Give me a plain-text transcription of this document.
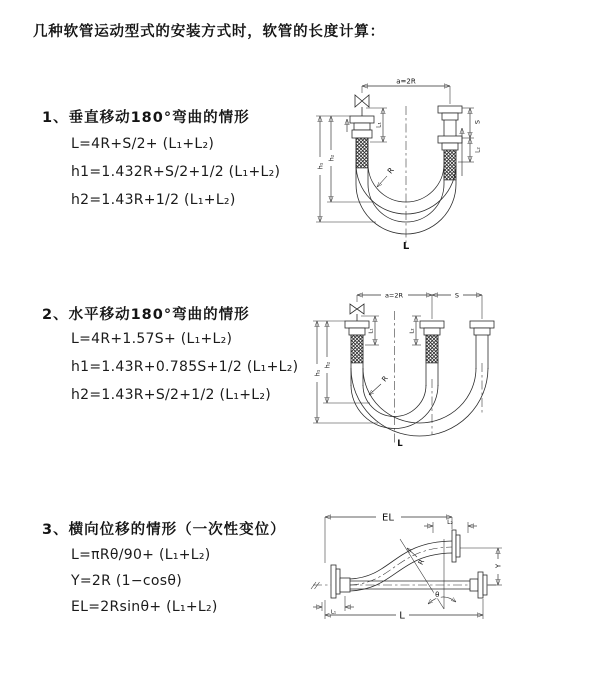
几种软管运动型式的安装方式时，软管的长度计算：
1、垂直移动180°弯曲的情形
L=4R+S/2+ (L₁+L₂)
h1=1.432R+S/2+1/2 (L₁+L₂)
h2=1.43R+1/2 (L₁+L₂)
2、水平移动180°弯曲的情形
L=4R+1.57S+ (L₁+L₂)
h1=1.43R+0.785S+1/2 (L₁+L₂)
h2=1.43R+S/2+1/2 (L₁+L₂)
3、横向位移的情形（一次性变位）
L=πRθ/90+ (L₁+L₂)
Y=2R (1−cosθ)
EL=2Rsinθ+ (L₁+L₂)
a=2R
h₁
h₂
L₁
S
L₂
R
L
a=2R	S
h₁
h₂
L₁	L₂
R
L
EL	L₂
Y
θ
R
L
L₁
